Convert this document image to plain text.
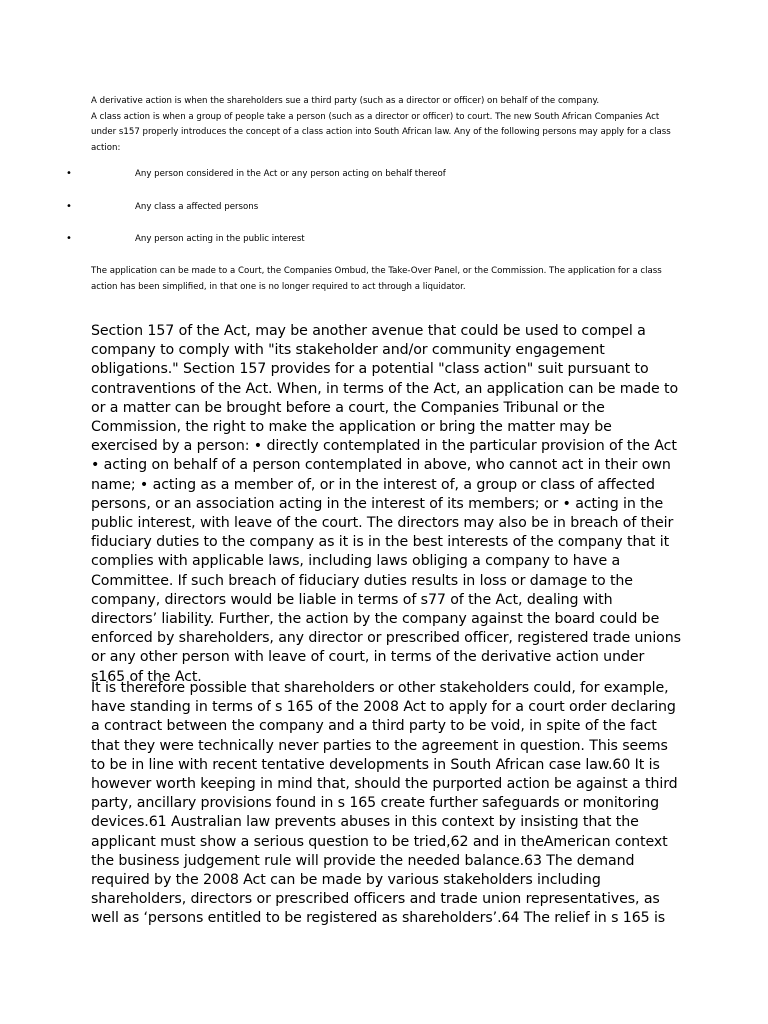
A derivative action is when the shareholders sue a third party (such as a director or officer) on behalf of the company.

A class action is when a group of people take a person (such as a director or officer) to court. The new South African Companies Act under s157 properly introduces the concept of a class action into South African law. Any of the following persons may apply for a class action:

•	Any person considered in the Act or any person acting on behalf thereof
•	Any class a affected persons
•	Any person acting in the public interest

The application can be made to a Court, the Companies Ombud, the Take-Over Panel, or the Commission. The application for a class action has been simplified, in that one is no longer required to act through a liquidator.

Section 157 of the Act, may be another avenue that could be used to compel a company to comply with "its stakeholder and/or community engagement obligations." Section 157 provides for a potential "class action" suit pursuant to contraventions of the Act. When, in terms of the Act, an application can be made to or a matter can be brought before a court, the Companies Tribunal or the Commission, the right to make the application or bring the matter may be exercised by a person: • directly contemplated in the particular provision of the Act • acting on behalf of a person contemplated in above, who cannot act in their own name; • acting as a member of, or in the interest of, a group or class of affected persons, or an association acting in the interest of its members; or • acting in the public interest, with leave of the court. The directors may also be in breach of their fiduciary duties to the company as it is in the best interests of the company that it complies with applicable laws, including laws obliging a company to have a Committee. If such breach of fiduciary duties results in loss or damage to the company, directors would be liable in terms of s77 of the Act, dealing with directors’ liability. Further, the action by the company against the board could be enforced by shareholders, any director or prescribed officer, registered trade unions or any other person with leave of court, in terms of the derivative action under s165 of the Act.

It is therefore possible that shareholders or other stakeholders could, for example, have standing in terms of s 165 of the 2008 Act to apply for a court order declaring a contract between the company and a third party to be void, in spite of the fact that they were technically never parties to the agreement in question. This seems to be in line with recent tentative developments in South African case law.60 It is however worth keeping in mind that, should the purported action be against a third party, ancillary provisions found in s 165 create further safeguards or monitoring devices.61 Australian law prevents abuses in this context by insisting that the applicant must show a serious question to be tried,62 and in theAmerican context the business judgement rule will provide the needed balance.63 The demand required by the 2008 Act can be made by various stakeholders including shareholders, directors or prescribed officers and trade union representatives, as well as ‘persons entitled to be registered as shareholders’.64 The relief in s 165 is
